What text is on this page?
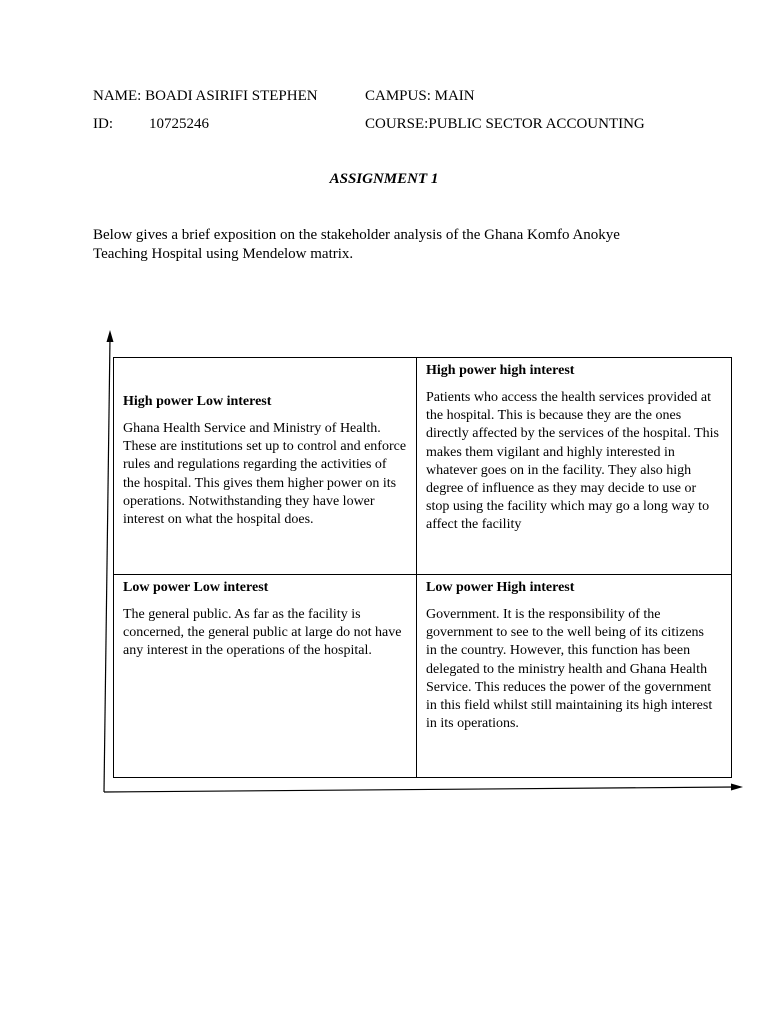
NAME: BOADI ASIRIFI STEPHEN	CAMPUS: MAIN
ID: 10725246	COURSE:PUBLIC SECTOR ACCOUNTING
ASSIGNMENT 1
Below gives a brief exposition on the stakeholder analysis of the Ghana Komfo Anokye Teaching Hospital using Mendelow matrix.

High power Low interest

Ghana Health Service and Ministry of Health. These are institutions set up to control and enforce rules and regulations regarding the activities of the hospital. This gives them higher power on its operations. Notwithstanding they have lower interest on what the hospital does.

High power high interest

Patients who access the health services provided at the hospital. This is because they are the ones directly affected by the services of the hospital. This makes them vigilant and highly interested in whatever goes on in the facility. They also high degree of influence as they may decide to use or stop using the facility which may go a long way to affect the facility

Low power Low interest

The general public. As far as the facility is concerned, the general public at large do not have any interest in the operations of the hospital.

Low power High interest

Government. It is the responsibility of the government to see to the well being of its citizens in the country. However, this function has been delegated to the ministry health and Ghana Health Service. This reduces the power of the government in this field whilst still maintaining its high interest in its operations.
